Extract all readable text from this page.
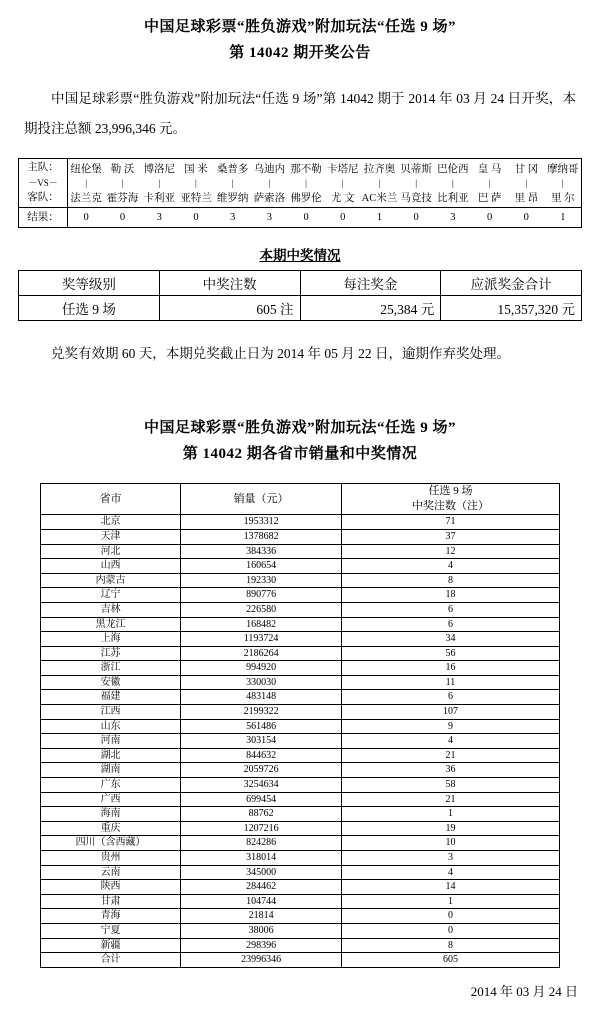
中国足球彩票“胜负游戏”附加玩法“任选 9 场”
第 14042 期开奖公告
中国足球彩票“胜负游戏”附加玩法“任选 9 场”第 14042 期于 2014 年 03 月 24 日开奖，本期投注总额 23,996,346 元。
主队：	纽伦堡	勒 沃	博洛尼	国 米	桑普多	乌迪内	那不勒	卡塔尼	拉齐奥	贝蒂斯	巴伦西	皇 马	甘 冈	摩纳哥
－VS－	|	|	|	|	|	|	|	|	|	|	|	|	|	|
客队：	法兰克	霍芬海	卡利亚	亚特兰	维罗纳	萨索洛	佛罗伦	尤 文	AC米兰	马竞技	比利亚	巴 萨	里 昂	里 尔
结果：	0	0	3	0	3	3	0	0	1	0	3	0	0	1
本期中奖情况
奖等级别	中奖注数	每注奖金	应派奖金合计
任选 9 场	605 注	25,384 元	15,357,320 元
兑奖有效期 60 天，本期兑奖截止日为 2014 年 05 月 22 日，逾期作弃奖处理。
中国足球彩票“胜负游戏”附加玩法“任选 9 场”
第 14042 期各省市销量和中奖情况
省市	销量（元）	任选 9 场
中奖注数（注）

北京	1953312	71
天津	1378682	37
河北	384336	12
山西	160654	4
内蒙古	192330	8
辽宁	890776	18
吉林	226580	6
黑龙江	168482	6
上海	1193724	34
江苏	2186264	56
浙江	994920	16
安徽	330030	11
福建	483148	6
江西	2199322	107
山东	561486	9
河南	303154	4
湖北	844632	21
湖南	2059726	36
广东	3254634	58
广西	699454	21
海南	88762	1
重庆	1207216	19
四川（含西藏）	824286	10
贵州	318014	3
云南	345000	4
陕西	284462	14
甘肃	104744	1
青海	21814	0
宁夏	38006	0
新疆	298396	8
合计	23996346	605
2014 年 03 月 24 日
